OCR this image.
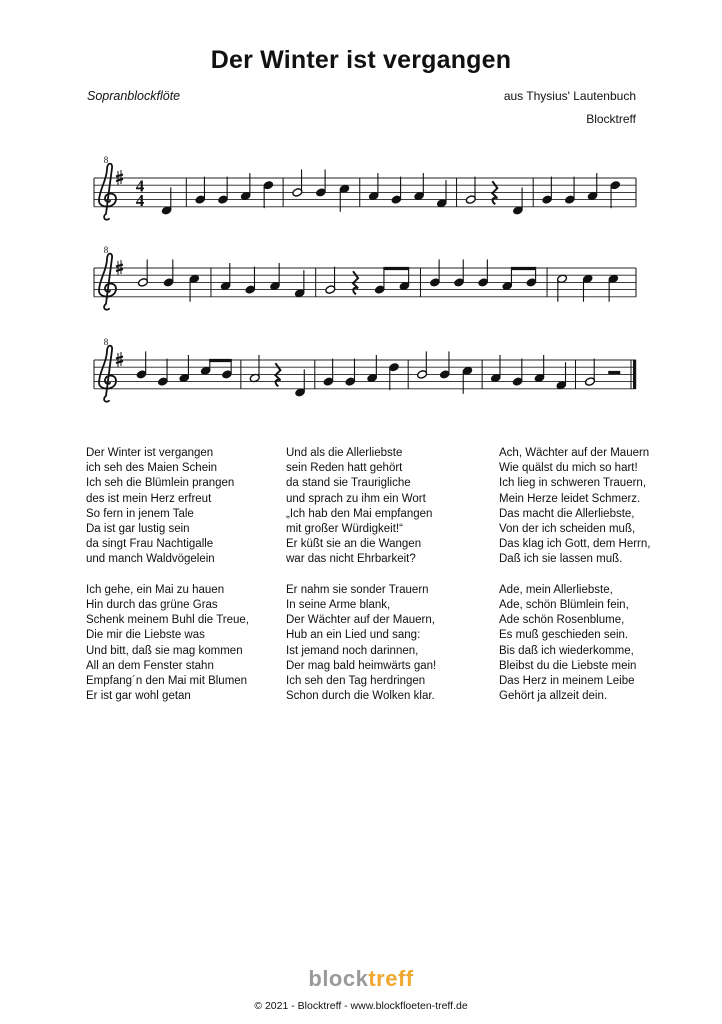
Der Winter ist vergangen
Sopranblockflöte	aus Thysius' Lautenbuch
Blocktreff
8
4
4
8
8
Der Winter ist vergangen
ich seh des Maien Schein
Ich seh die Blümlein prangen
des ist mein Herz erfreut
So fern in jenem Tale
Da ist gar lustig sein
da singt Frau Nachtigalle
und manch Waldvögelein
Ich gehe, ein Mai zu hauen
Hin durch das grüne Gras
Schenk meinem Buhl die Treue,
Die mir die Liebste was
Und bitt, daß sie mag kommen
All an dem Fenster stahn
Empfang´n den Mai mit Blumen
Er ist gar wohl getan
Und als die Allerliebste
sein Reden hatt gehört
da stand sie Traurigliche
und sprach zu ihm ein Wort
„Ich hab den Mai empfangen
mit großer Würdigkeit!“
Er küßt sie an die Wangen
war das nicht Ehrbarkeit?
Er nahm sie sonder Trauern
In seine Arme blank,
Der Wächter auf der Mauern,
Hub an ein Lied und sang:
Ist jemand noch darinnen,
Der mag bald heimwärts gan!
Ich seh den Tag herdringen
Schon durch die Wolken klar.
Ach, Wächter auf der Mauern
Wie quälst du mich so hart!
Ich lieg in schweren Trauern,
Mein Herze leidet Schmerz.
Das macht die Allerliebste,
Von der ich scheiden muß,
Das klag ich Gott, dem Herrn,
Daß ich sie lassen muß.
Ade, mein Allerliebste,
Ade, schön Blümlein fein,
Ade schön Rosenblume,
Es muß geschieden sein.
Bis daß ich wiederkomme,
Bleibst du die Liebste mein
Das Herz in meinem Leibe
Gehört ja allzeit dein.
blocktreff
© 2021 - Blocktreff - www.blockfloeten-treff.de
